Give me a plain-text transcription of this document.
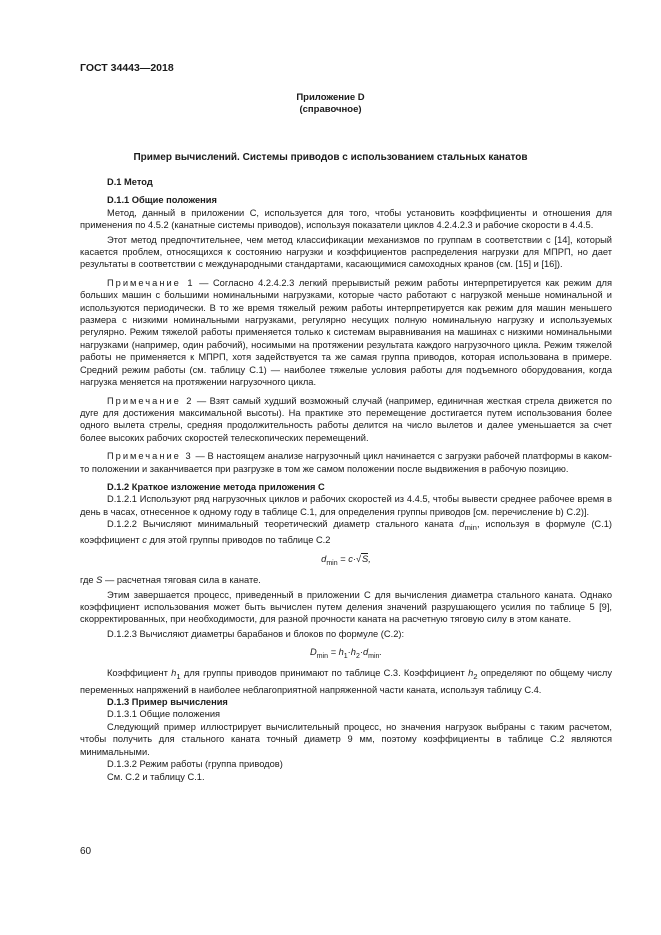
ГОСТ 34443—2018
Приложение D
(справочное)
Пример вычислений. Системы приводов с использованием стальных канатов

D.1 Метод

D.1.1 Общие положения

Метод, данный в приложении C, используется для того, чтобы установить коэффициенты и отношения для применения по 4.5.2 (канатные системы приводов), используя показатели циклов 4.2.4.2.3 и рабочие скорости в 4.4.5.

Этот метод предпочтительнее, чем метод классификации механизмов по группам в соответствии с [14], который касается проблем, относящихся к состоянию нагрузки и коэффициентов распределения нагрузки для МПРП, но дает результаты в соответствии с международными стандартами, касающимися самоходных кранов (см. [15] и [16]).

Примечание 1 — Согласно 4.2.4.2.3 легкий прерывистый режим работы интерпретируется как режим для больших машин с большими номинальными нагрузками, которые часто работают с нагрузкой меньше номинальной и используются периодически. В то же время тяжелый режим работы интерпретируется как режим для машин меньшего размера с низкими номинальными нагрузками, регулярно несущих полную номинальную нагрузку и используемых регулярно. Режим тяжелой работы применяется только к системам выравнивания на машинах с низкими номинальными нагрузками (например, один рабочий), носимыми на протяжении результата каждого нагрузочного цикла. Режим тяжелой работы не применяется к МПРП, хотя задействуется та же самая группа приводов, которая использована в примере. Средний режим работы (см. таблицу С.1) — наиболее тяжелые условия работы для подъемного оборудования, когда нагрузка меняется на протяжении нагрузочного цикла.

Примечание 2 — Взят самый худший возможный случай (например, единичная жесткая стрела движется по дуге для достижения максимальной высоты). На практике это перемещение достигается путем использования более одного вылета стрелы, средняя продолжительность работы делится на число вылетов и далее уменьшается за счет более высоких рабочих скоростей телескопических перемещений.

Примечание 3 — В настоящем анализе нагрузочный цикл начинается с загрузки рабочей платформы в каком-то положении и заканчивается при разгрузке в том же самом положении после выдвижения в рабочую позицию.

D.1.2 Краткое изложение метода приложения C

D.1.2.1 Используют ряд нагрузочных циклов и рабочих скоростей из 4.4.5, чтобы вывести среднее рабочее время в день в часах, отнесенное к одному году в таблице С.1, для определения группы приводов [см. перечисление b) С.2)].

D.1.2.2 Вычисляют минимальный теоретический диаметр стального каната $d_{min}$, используя в формуле (С.1) коэффициент c для этой группы приводов по таблице С.2

$d_{min} = c\cdot√S$,

где S — расчетная тяговая сила в канате.

Этим завершается процесс, приведенный в приложении С для вычисления диаметра стального каната. Однако коэффициент использования может быть вычислен путем деления значений разрушающего усилия по таблице 5 [9], скорректированных, при необходимости, для разной прочности каната на расчетную тяговую силу в этом канате.

D.1.2.3 Вычисляют диаметры барабанов и блоков по формуле (С.2):

$D_{min} = h_1\cdot h_2\cdot d_{min}$.

Коэффициент $h_1$ для группы приводов принимают по таблице С.3. Коэффициент $h_2$ определяют по общему числу переменных напряжений в наиболее неблагоприятной напряженной части каната, используя таблицу С.4.

D.1.3 Пример вычисления

D.1.3.1 Общие положения

Следующий пример иллюстрирует вычислительный процесс, но значения нагрузок выбраны с таким расчетом, чтобы получить для стального каната точный диаметр 9 мм, поэтому коэффициенты в таблице С.2 являются минимальными.

D.1.3.2 Режим работы (группа приводов)

См. С.2 и таблицу С.1.

60
